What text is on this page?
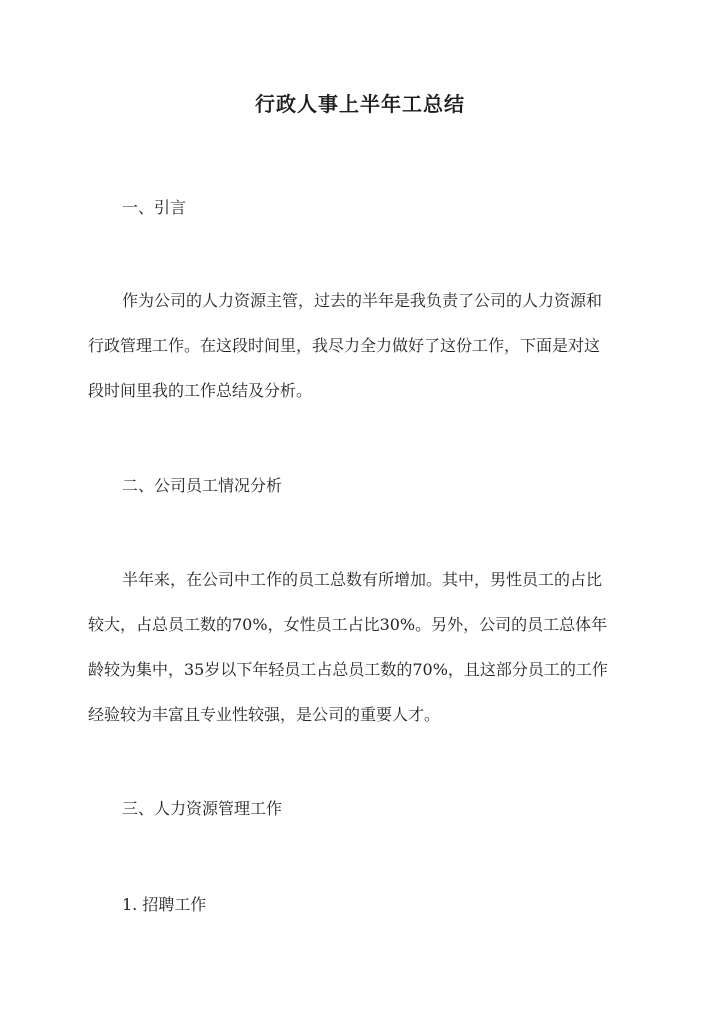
行政人事上半年工总结
一、引言
作为公司的人力资源主管，过去的半年是我负责了公司的人力资源和
行政管理工作。在这段时间里，我尽力全力做好了这份工作，下面是对这
段时间里我的工作总结及分析。
二、公司员工情况分析
半年来，在公司中工作的员工总数有所增加。其中，男性员工的占比
较大，占总员工数的70%，女性员工占比30%。另外，公司的员工总体年
龄较为集中，35岁以下年轻员工占总员工数的70%，且这部分员工的工作
经验较为丰富且专业性较强，是公司的重要人才。
三、人力资源管理工作
1. 招聘工作
